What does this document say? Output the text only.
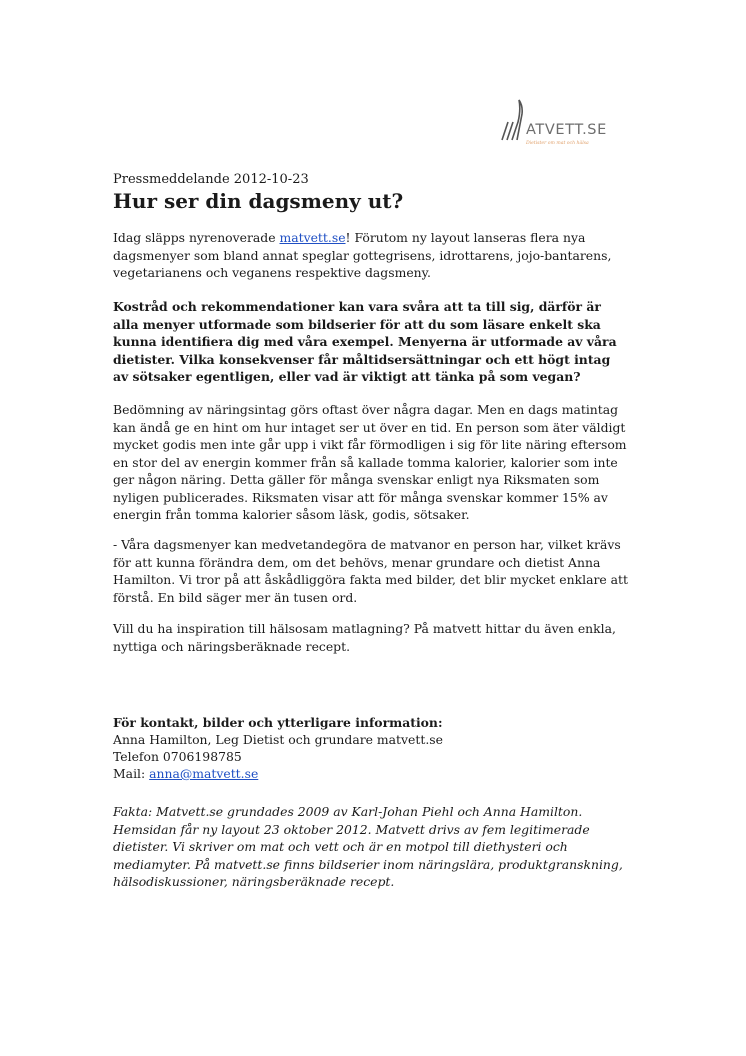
ATVETT.SE
Dietister om mat och hälsa
Pressmeddelande 2012-10-23
Hur ser din dagsmeny ut?

Idag släpps nyrenoverade matvett.se! Förutom ny layout lanseras flera nya dagsmenyer som bland annat speglar gottegrisens, idrottarens, jojo-bantarens, vegetarianens och veganens respektive dagsmeny.

Kostråd och rekommendationer kan vara svåra att ta till sig, därför är alla menyer utformade som bildserier för att du som läsare enkelt ska kunna identifiera dig med våra exempel. Menyerna är utformade av våra dietister. Vilka konsekvenser får måltidsersättningar och ett högt intag av sötsaker egentligen, eller vad är viktigt att tänka på som vegan?

Bedömning av näringsintag görs oftast över några dagar. Men en dags matintag kan ändå ge en hint om hur intaget ser ut över en tid. En person som äter väldigt mycket godis men inte går upp i vikt får förmodligen i sig för lite näring eftersom en stor del av energin kommer från så kallade tomma kalorier, kalorier som inte ger någon näring. Detta gäller för många svenskar enligt nya Riksmaten som nyligen publicerades. Riksmaten visar att för många svenskar kommer 15% av energin från tomma kalorier såsom läsk, godis, sötsaker.

- Våra dagsmenyer kan medvetandegöra de matvanor en person har, vilket krävs för att kunna förändra dem, om det behövs, menar grundare och dietist Anna Hamilton. Vi tror på att åskådliggöra fakta med bilder, det blir mycket enklare att förstå. En bild säger mer än tusen ord.

Vill du ha inspiration till hälsosam matlagning? På matvett hittar du även enkla, nyttiga och näringsberäknade recept.

För kontakt, bilder och ytterligare information:
Anna Hamilton, Leg Dietist och grundare matvett.se
Telefon 0706198785
Mail: anna@matvett.se

Fakta: Matvett.se grundades 2009 av Karl-Johan Piehl och Anna Hamilton. Hemsidan får ny layout 23 oktober 2012. Matvett drivs av fem legitimerade dietister. Vi skriver om mat och vett och är en motpol till diethysteri och mediamyter. På matvett.se finns bildserier inom näringslära, produktgranskning, hälsodiskussioner, näringsberäknade recept.
